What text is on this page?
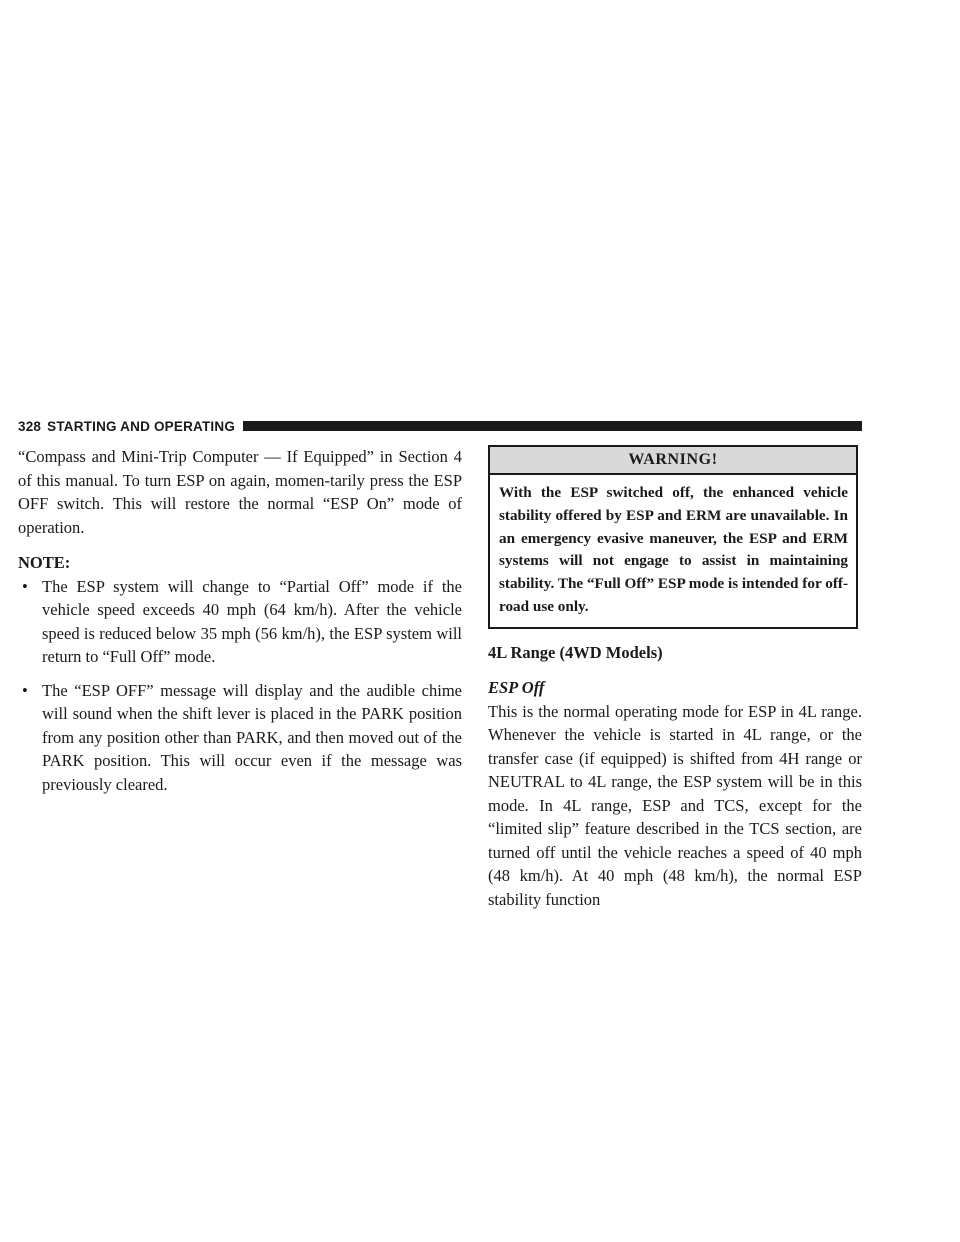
328 STARTING AND OPERATING

“Compass and Mini-Trip Computer — If Equipped” in Section 4 of this manual. To turn ESP on again, momen-tarily press the ESP OFF switch. This will restore the normal “ESP On” mode of operation.

NOTE:
• The ESP system will change to “Partial Off” mode if the vehicle speed exceeds 40 mph (64 km/h). After the vehicle speed is reduced below 35 mph (56 km/h), the ESP system will return to “Full Off” mode.
• The “ESP OFF” message will display and the audible chime will sound when the shift lever is placed in the PARK position from any position other than PARK, and then moved out of the PARK position. This will occur even if the message was previously cleared.
WARNING!
With the ESP switched off, the enhanced vehicle stability offered by ESP and ERM are unavailable. In an emergency evasive maneuver, the ESP and ERM systems will not engage to assist in maintaining stability. The “Full Off” ESP mode is intended for off-road use only.
4L Range (4WD Models)
ESP Off

This is the normal operating mode for ESP in 4L range. Whenever the vehicle is started in 4L range, or the transfer case (if equipped) is shifted from 4H range or NEUTRAL to 4L range, the ESP system will be in this mode. In 4L range, ESP and TCS, except for the “limited slip” feature described in the TCS section, are turned off until the vehicle reaches a speed of 40 mph (48 km/h). At 40 mph (48 km/h), the normal ESP stability function
